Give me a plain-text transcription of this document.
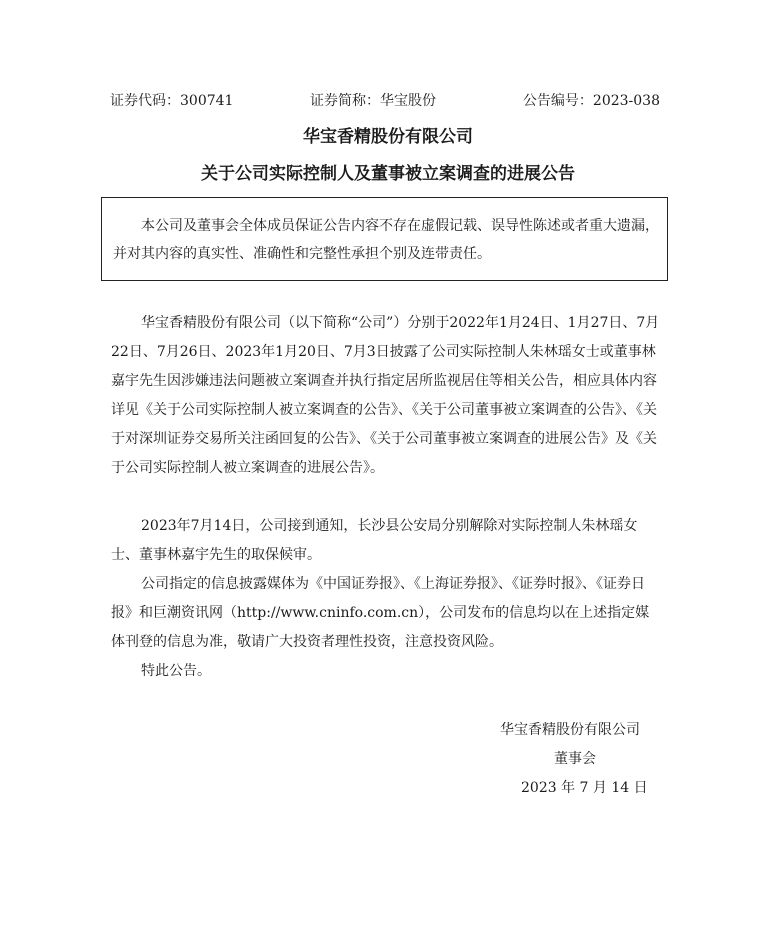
证券代码：300741	证券简称：华宝股份	公告编号：2023-038
华宝香精股份有限公司
关于公司实际控制人及董事被立案调查的进展公告

本公司及董事会全体成员保证公告内容不存在虚假记载、误导性陈述或者重大遗漏，并对其内容的真实性、准确性和完整性承担个别及连带责任。

华宝香精股份有限公司（以下简称“公司”）分别于2022年1月24日、1月27日、7月22日、7月26日、2023年1月20日、7月3日披露了公司实际控制人朱林瑶女士或董事林嘉宇先生因涉嫌违法问题被立案调查并执行指定居所监视居住等相关公告，相应具体内容详见《关于公司实际控制人被立案调查的公告》、《关于公司董事被立案调查的公告》、《关于对深圳证券交易所关注函回复的公告》、《关于公司董事被立案调查的进展公告》及《关于公司实际控制人被立案调查的进展公告》。

2023年7月14日，公司接到通知，长沙县公安局分别解除对实际控制人朱林瑶女士、董事林嘉宇先生的取保候审。

公司指定的信息披露媒体为《中国证券报》、《上海证券报》、《证券时报》、《证券日报》和巨潮资讯网（http://www.cninfo.com.cn），公司发布的信息均以在上述指定媒体刊登的信息为准，敬请广大投资者理性投资，注意投资风险。

特此公告。

华宝香精股份有限公司
董事会
2023 年 7 月 14 日
